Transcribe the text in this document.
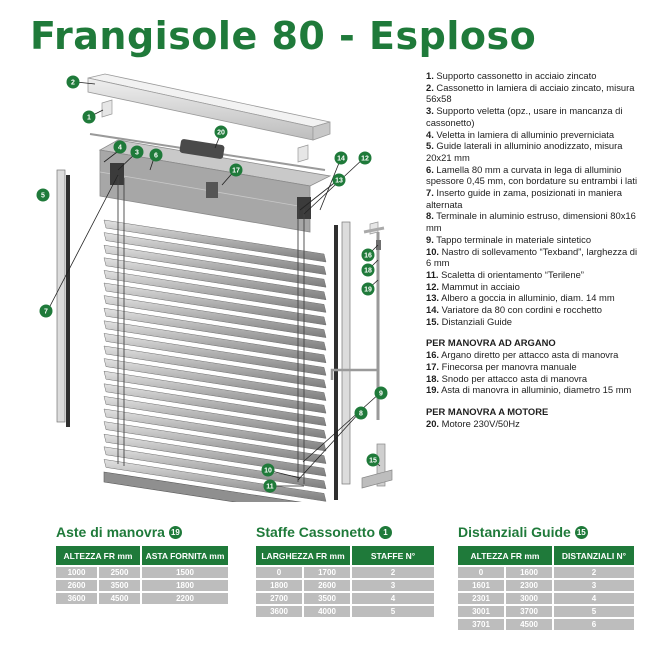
Frangisole 80 - Esploso
1
2
3
4
5
6
7
8
9
10
11
12
13
14
15
16
17
18
19
20
1. Supporto cassonetto in acciaio zincato
2. Cassonetto in lamiera di acciaio zincato, misura 56x58
3. Supporto veletta (opz., usare in mancanza di cassonetto)
4. Veletta in lamiera di alluminio preverniciata
5. Guide laterali in alluminio anodizzato, misura 20x21 mm
6. Lamella 80 mm a curvata in lega di alluminio spessore 0,45 mm, con bordature su entrambi i lati
7. Inserto guide in zama, posizionati in maniera alternata
8. Terminale in aluminio estruso, dimensioni 80x16 mm
9. Tappo terminale in materiale sintetico
10. Nastro di sollevamento “Texband”, larghezza di 6 mm
11. Scaletta di orientamento “Terilene”
12. Mammut in acciaio
13. Albero a goccia in alluminio, diam. 14 mm
14. Variatore da 80 con cordini e rocchetto
15. Distanziali Guide
PER MANOVRA AD ARGANO
16. Argano diretto per attacco asta di manovra
17. Finecorsa per manovra manuale
18. Snodo per attacco asta di manovra
19. Asta di manovra in alluminio, diametro 15 mm
PER MANOVRA A MOTORE
20. Motore 230V/50Hz
Aste di manovra 19
ALTEZZA FR mm	ASTA FORNITA mm
1000	2500	1500
2600	3500	1800
3600	4500	2200
Staffe Cassonetto	1
LARGHEZZA FR mm	STAFFE N°
0	1700	2
1800	2600	3
2700	3500	4
3600	4000	5
Distanziali Guide 15
ALTEZZA FR mm	DISTANZIALI N°
0	1600	2
1601	2300	3
2301	3000	4
3001	3700	5
3701	4500	6
